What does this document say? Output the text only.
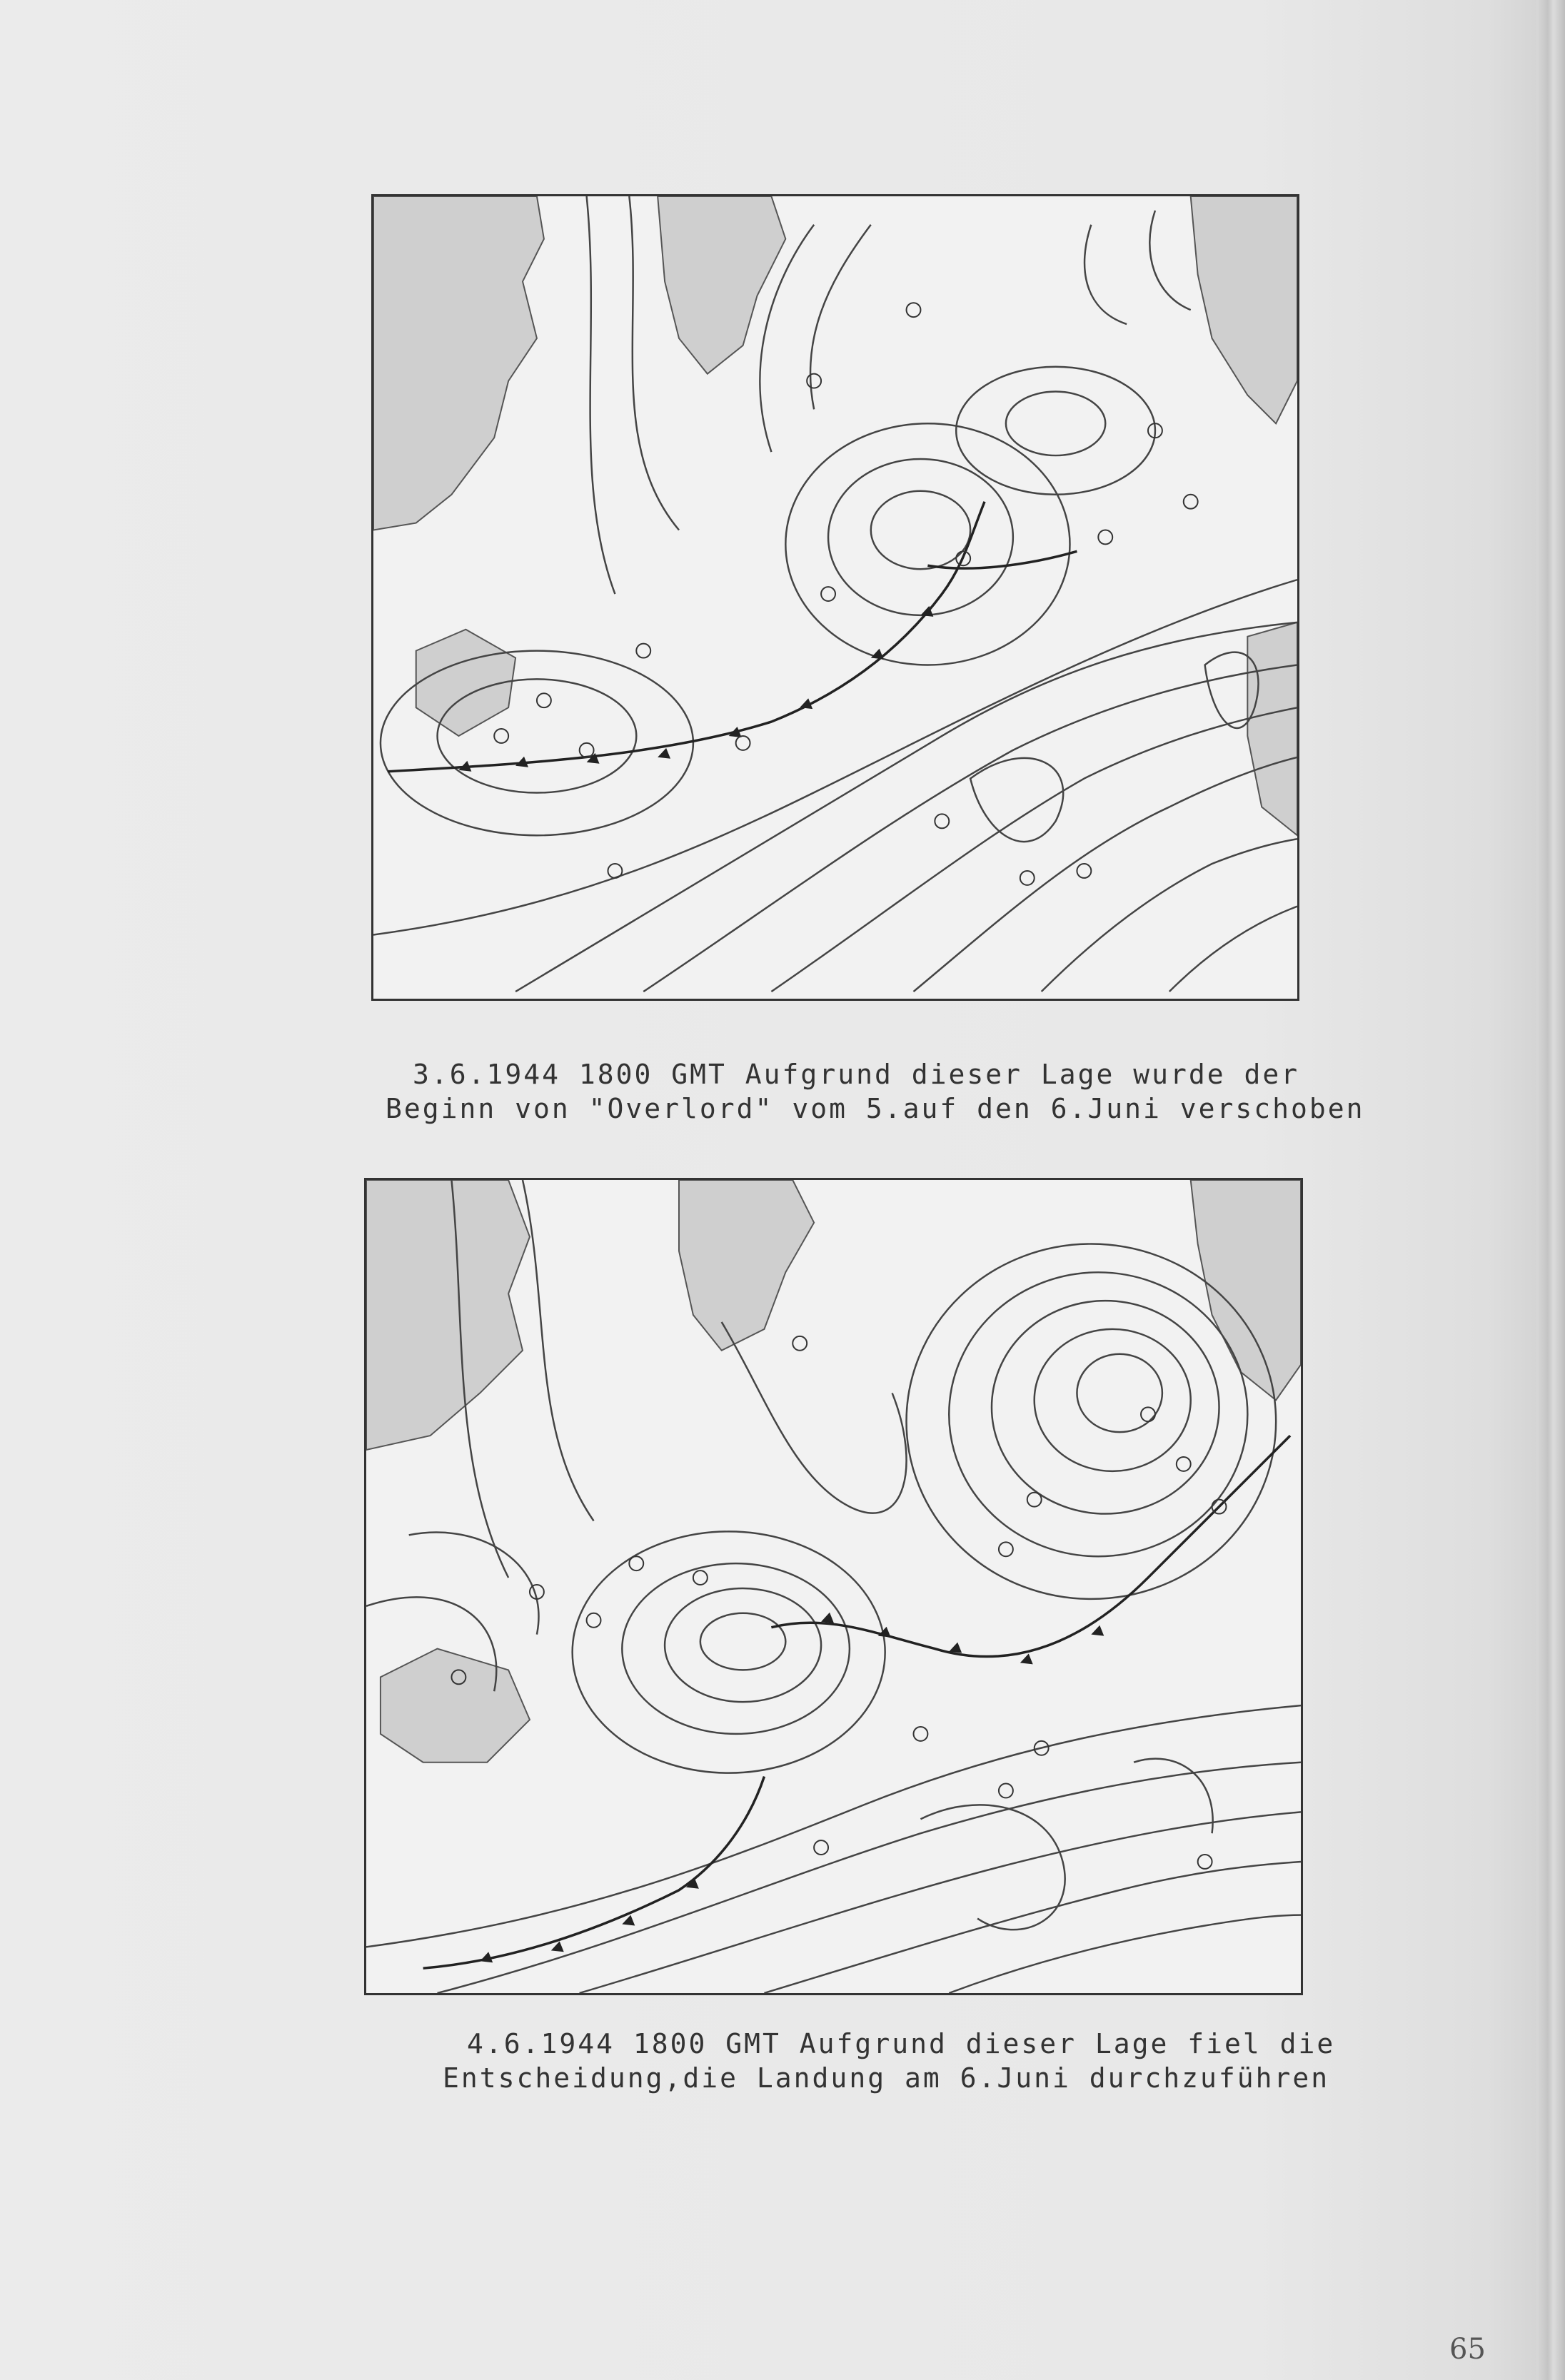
3.6.1944 1800 GMT Aufgrund dieser Lage wurde der
Beginn von "Overlord" vom 5.auf den 6.Juni verschoben
4.6.1944 1800 GMT Aufgrund dieser Lage fiel die
Entscheidung,die Landung am 6.Juni durchzuführen
65
